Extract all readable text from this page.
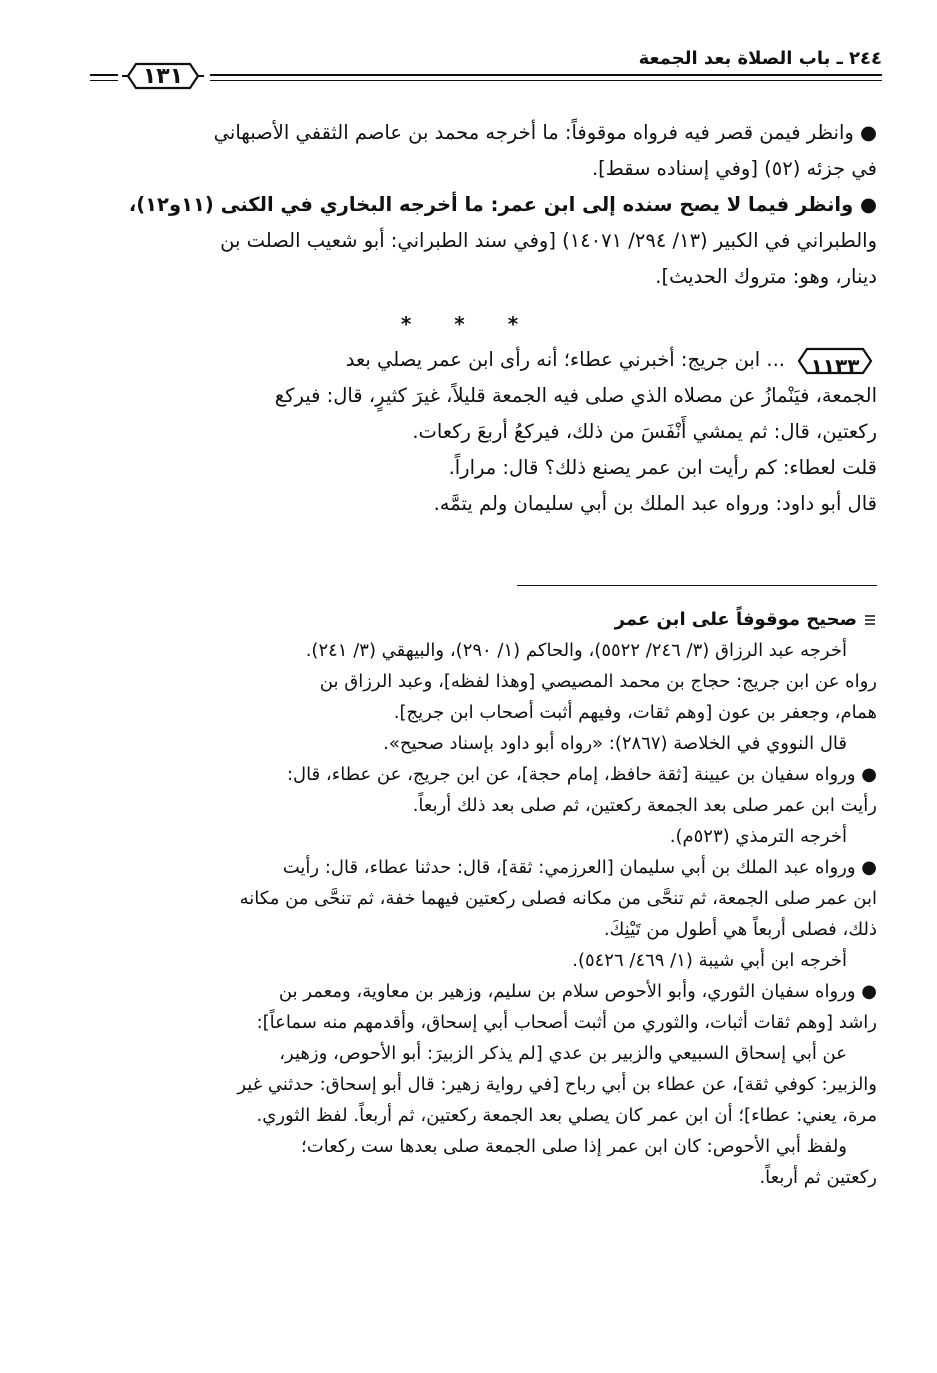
٢٤٤ ـ باب الصلاة بعد الجمعة
١٣١
● وانظر فيمن قصر فيه فرواه موقوفاً: ما أخرجه محمد بن عاصم الثقفي الأصبهاني
في جزئه (٥٢) [وفي إسناده سقط].
● وانظر فيما لا يصح سنده إلى ابن عمر: ما أخرجه البخاري في الكنى (١١و١٢)،
والطبراني في الكبير (١٣/ ٢٩٤/ ١٤٠٧١) [وفي سند الطبراني: أبو شعيب الصلت بن
دينار، وهو: متروك الحديث].
* * *
١١٣٣
... ابن جريج: أخبرني عطاء؛ أنه رأى ابن عمر يصلي بعد
الجمعة، فيَنْمازُ عن مصلاه الذي صلى فيه الجمعة قليلاً، غيرَ كثيرٍ، قال: فيركع
ركعتين، قال: ثم يمشي أَنْفَسَ من ذلك، فيركعُ أربعَ ركعات.
قلت لعطاء: كم رأيت ابن عمر يصنع ذلك؟ قال: مراراً.
قال أبو داود: ورواه عبد الملك بن أبي سليمان ولم يتمَّه.
صحيح موقوفاً على ابن عمر
أخرجه عبد الرزاق (٣/ ٢٤٦/ ٥٥٢٢)، والحاكم (١/ ٢٩٠)، والبيهقي (٣/ ٢٤١).
رواه عن ابن جريج: حجاج بن محمد المصيصي [وهذا لفظه]، وعبد الرزاق بن
همام، وجعفر بن عون [وهم ثقات، وفيهم أثبت أصحاب ابن جريج].
قال النووي في الخلاصة (٢٨٦٧): «رواه أبو داود بإسناد صحيح».
● ورواه سفيان بن عيينة [ثقة حافظ، إمام حجة]، عن ابن جريج، عن عطاء، قال:
رأيت ابن عمر صلى بعد الجمعة ركعتين، ثم صلى بعد ذلك أربعاً.
أخرجه الترمذي (٥٢٣م).
● ورواه عبد الملك بن أبي سليمان [العرزمي: ثقة]، قال: حدثنا عطاء، قال: رأيت
ابن عمر صلى الجمعة، ثم تنحَّى من مكانه فصلى ركعتين فيهما خفة، ثم تنحَّى من مكانه
ذلك، فصلى أربعاً هي أطول من تَيْنِكَ.
أخرجه ابن أبي شيبة (١/ ٤٦٩/ ٥٤٢٦).
● ورواه سفيان الثوري، وأبو الأحوص سلام بن سليم، وزهير بن معاوية، ومعمر بن
راشد [وهم ثقات أثبات، والثوري من أثبت أصحاب أبي إسحاق، وأقدمهم منه سماعاً]:
عن أبي إسحاق السبيعي والزبير بن عدي [لم يذكر الزبيرَ: أبو الأحوص، وزهير،
والزبير: كوفي ثقة]، عن عطاء بن أبي رباح [في رواية زهير: قال أبو إسحاق: حدثني غير
مرة، يعني: عطاء]؛ أن ابن عمر كان يصلي بعد الجمعة ركعتين، ثم أربعاً. لفظ الثوري.
ولفظ أبي الأحوص: كان ابن عمر إذا صلى الجمعة صلى بعدها ست ركعات؛
ركعتين ثم أربعاً.
